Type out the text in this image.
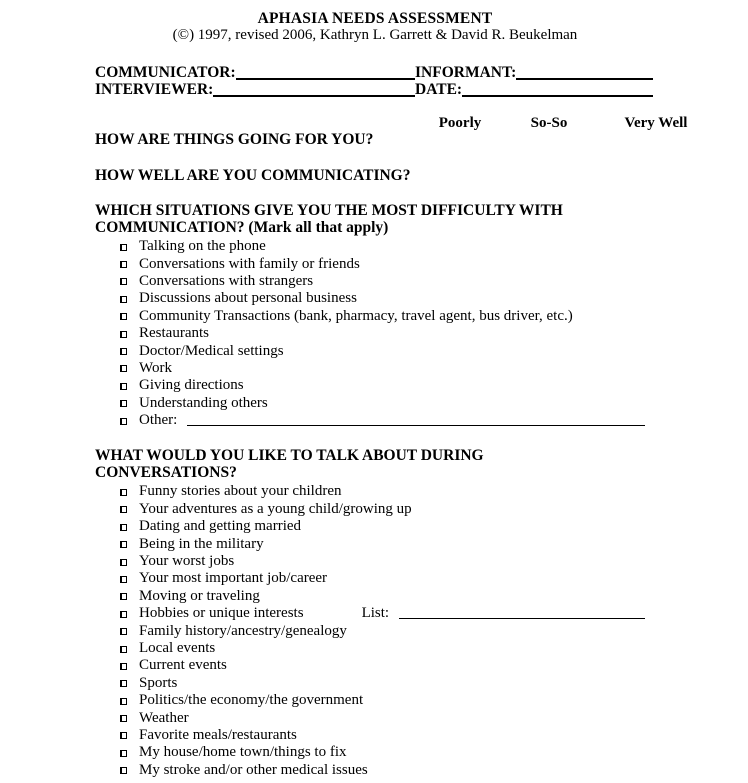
APHASIA NEEDS ASSESSMENT
(©) 1997, revised 2006, Kathryn L. Garrett & David R. Beukelman
COMMUNICATOR:	INFORMANT:
INTERVIEWER:	DATE:
Poorly	So-So	Very Well
HOW ARE THINGS GOING FOR YOU?
HOW WELL ARE YOU COMMUNICATING?
WHICH SITUATIONS GIVE YOU THE MOST DIFFICULTY WITH COMMUNICATION? (Mark all that apply)
Talking on the phone
Conversations with family or friends
Conversations with strangers
Discussions about personal business
Community Transactions (bank, pharmacy, travel agent, bus driver, etc.)
Restaurants
Doctor/Medical settings
Work
Giving directions
Understanding others
Other:
WHAT WOULD YOU LIKE TO TALK ABOUT DURING CONVERSATIONS?
Funny stories about your children
Your adventures as a young child/growing up
Dating and getting married
Being in the military
Your worst jobs
Your most important job/career
Moving or traveling
Hobbies or unique interests	List:
Family history/ancestry/genealogy
Local events
Current events
Sports
Politics/the economy/the government
Weather
Favorite meals/restaurants
My house/home town/things to fix
My stroke and/or other medical issues
